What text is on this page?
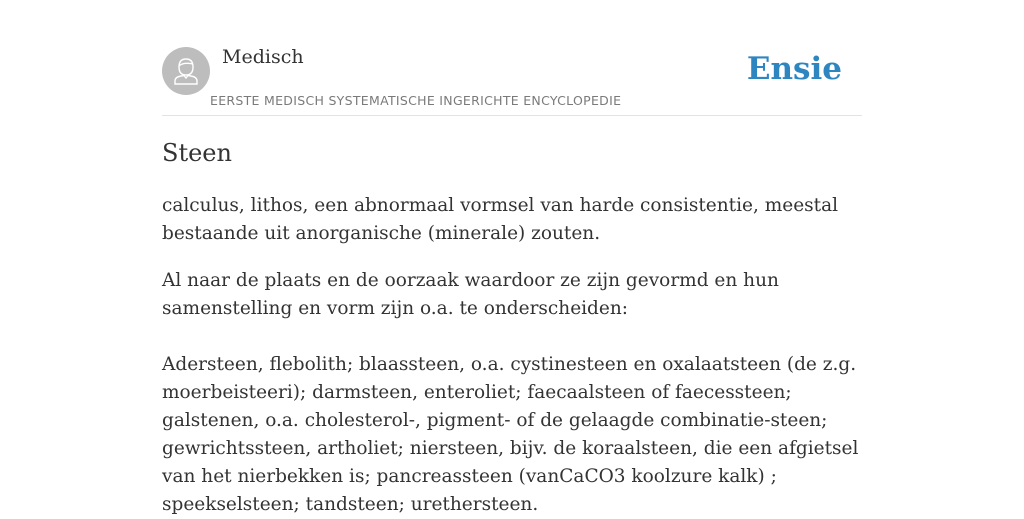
Medisch
EERSTE MEDISCH SYSTEMATISCHE INGERICHTE ENCYCLOPEDIE
Ensie
Steen

calculus, lithos, een abnormaal vormsel van harde consistentie, meestal bestaande uit anorganische (minerale) zouten.

Al naar de plaats en de oorzaak waardoor ze zijn gevormd en hun samenstelling en vorm zijn o.a. te onderscheiden:

Adersteen, flebolith; blaassteen, o.a. cystinesteen en oxalaatsteen (de z.g. moerbeisteeri); darmsteen, enteroliet; faecaalsteen of faecessteen; galstenen, o.a. cholesterol-, pigment- of de gelaagde combinatie-steen; gewrichtssteen, artholiet; niersteen, bijv. de koraalsteen, die een afgietsel van het nierbekken is; pancreassteen (vanCaCO3 koolzure kalk) ; speekselsteen; tandsteen; urethersteen.
